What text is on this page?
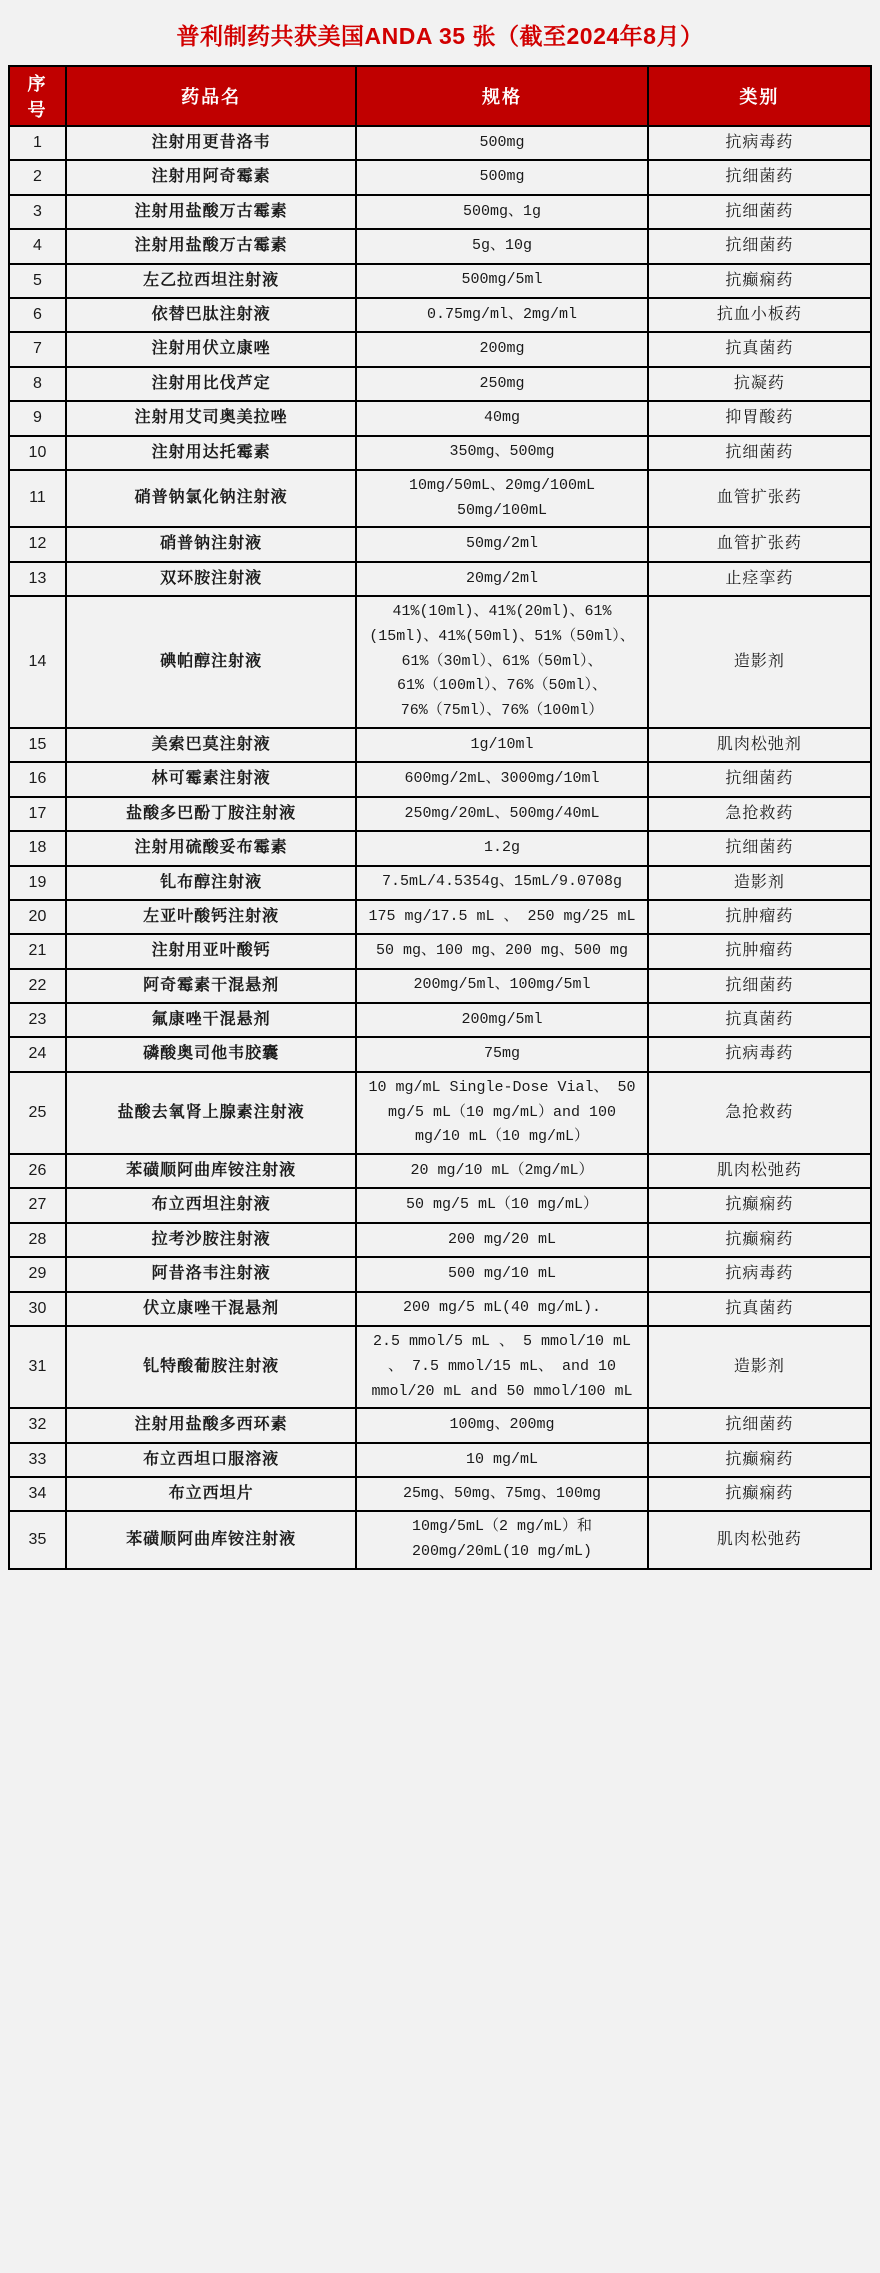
普利制药共获美国ANDA 35 张（截至2024年8月）
序号	药品名	规格	类别
1	注射用更昔洛韦	500mg	抗病毒药
2	注射用阿奇霉素	500mg	抗细菌药
3	注射用盐酸万古霉素	500mg、1g	抗细菌药
4	注射用盐酸万古霉素	5g、10g	抗细菌药
5	左乙拉西坦注射液	500mg/5ml	抗癫痫药
6	依替巴肽注射液	0.75mg/ml、2mg/ml	抗血小板药
7	注射用伏立康唑	200mg	抗真菌药
8	注射用比伐芦定	250mg	抗凝药
9	注射用艾司奥美拉唑	40mg	抑胃酸药
10	注射用达托霉素	350mg、500mg	抗细菌药
11	硝普钠氯化钠注射液	10mg/50mL、20mg/100mL 50mg/100mL	血管扩张药
12	硝普钠注射液	50mg/2ml	血管扩张药
13	双环胺注射液	20mg/2ml	止痉挛药
14	碘帕醇注射液	41%(10ml)、41%(20ml)、61%(15ml)、41%(50ml)、51%（50ml）、61%（30ml）、61%（50ml）、61%（100ml）、76%（50ml）、76%（75ml）、76%（100ml）	造影剂
15	美索巴莫注射液	1g/10ml	肌肉松弛剂
16	林可霉素注射液	600mg/2mL、3000mg/10ml	抗细菌药
17	盐酸多巴酚丁胺注射液	250mg/20mL、500mg/40mL	急抢救药
18	注射用硫酸妥布霉素	1.2g	抗细菌药
19	钆布醇注射液	7.5mL/4.5354g、15mL/9.0708g	造影剂
20	左亚叶酸钙注射液	175 mg/17.5 mL 、 250 mg/25 mL	抗肿瘤药
21	注射用亚叶酸钙	50 mg、100 mg、200 mg、500 mg	抗肿瘤药
22	阿奇霉素干混悬剂	200mg/5ml、100mg/5ml	抗细菌药
23	氟康唑干混悬剂	200mg/5ml	抗真菌药
24	磷酸奥司他韦胶囊	75mg	抗病毒药
25	盐酸去氧肾上腺素注射液	10 mg/mL Single-Dose Vial、 50 mg/5 mL（10 mg/mL）and 100 mg/10 mL（10 mg/mL）	急抢救药
26	苯磺顺阿曲库铵注射液	20 mg/10 mL（2mg/mL）	肌肉松弛药
27	布立西坦注射液	50 mg/5 mL（10 mg/mL）	抗癫痫药
28	拉考沙胺注射液	200 mg/20 mL	抗癫痫药
29	阿昔洛韦注射液	500 mg/10 mL	抗病毒药
30	伏立康唑干混悬剂	200 mg/5 mL(40 mg/mL).	抗真菌药
31	钆特酸葡胺注射液	2.5 mmol/5 mL 、 5 mmol/10 mL 、 7.5 mmol/15 mL、 and 10 mmol/20 mL and 50 mmol/100 mL	造影剂
32	注射用盐酸多西环素	100mg、200mg	抗细菌药
33	布立西坦口服溶液	10 mg/mL	抗癫痫药
34	布立西坦片	25mg、50mg、75mg、100mg	抗癫痫药
35	苯磺顺阿曲库铵注射液	10mg/5mL（2 mg/mL）和 200mg/20mL(10 mg/mL)	肌肉松弛药
